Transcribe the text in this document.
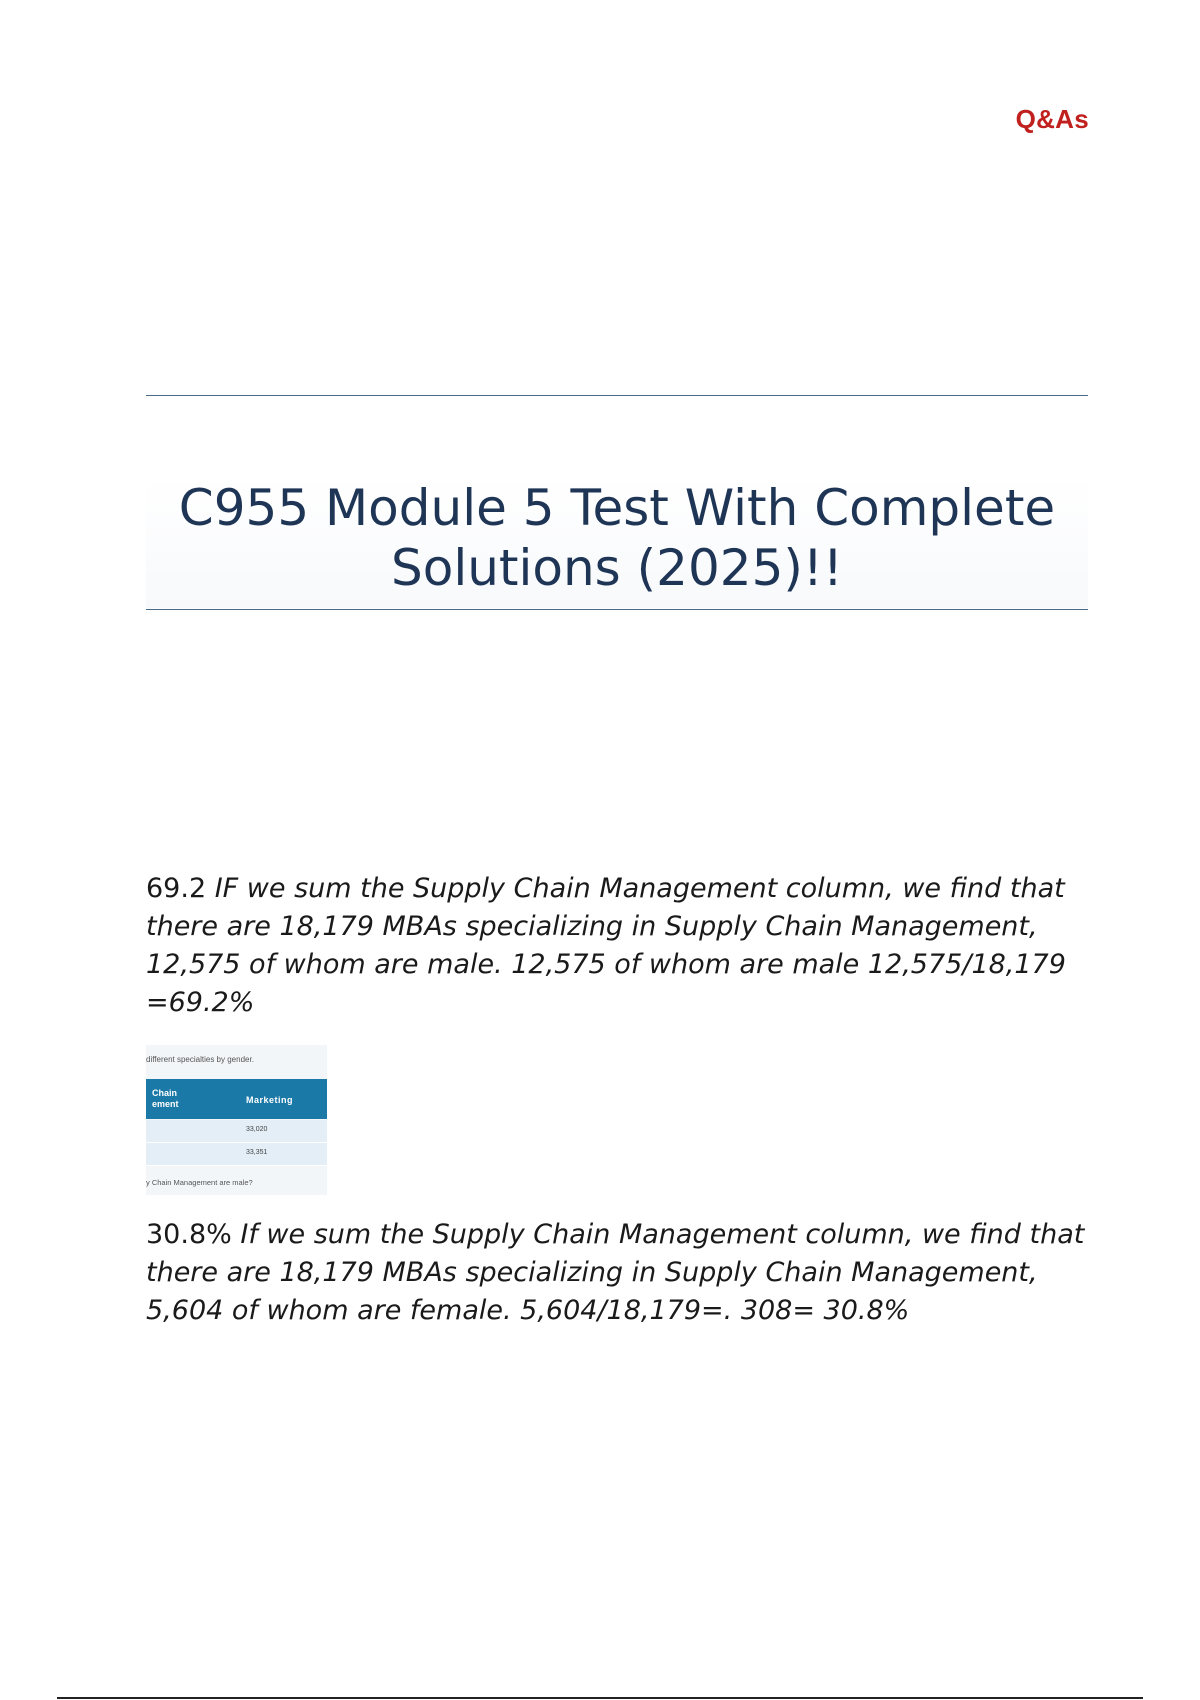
Q&As
C955 Module 5 Test With Complete Solutions (2025)!!

69.2 IF we sum the Supply Chain Management column, we find that there are 18,179 MBAs specializing in Supply Chain Management, 12,575 of whom are male. 12,575 of whom are male 12,575/18,179 =69.2%

different specialties by gender.
Chain ement	Marketing
33,020
33,351
y Chain Management are male?

30.8% If we sum the Supply Chain Management column, we find that there are 18,179 MBAs specializing in Supply Chain Management, 5,604 of whom are female. 5,604/18,179=. 308= 30.8%
